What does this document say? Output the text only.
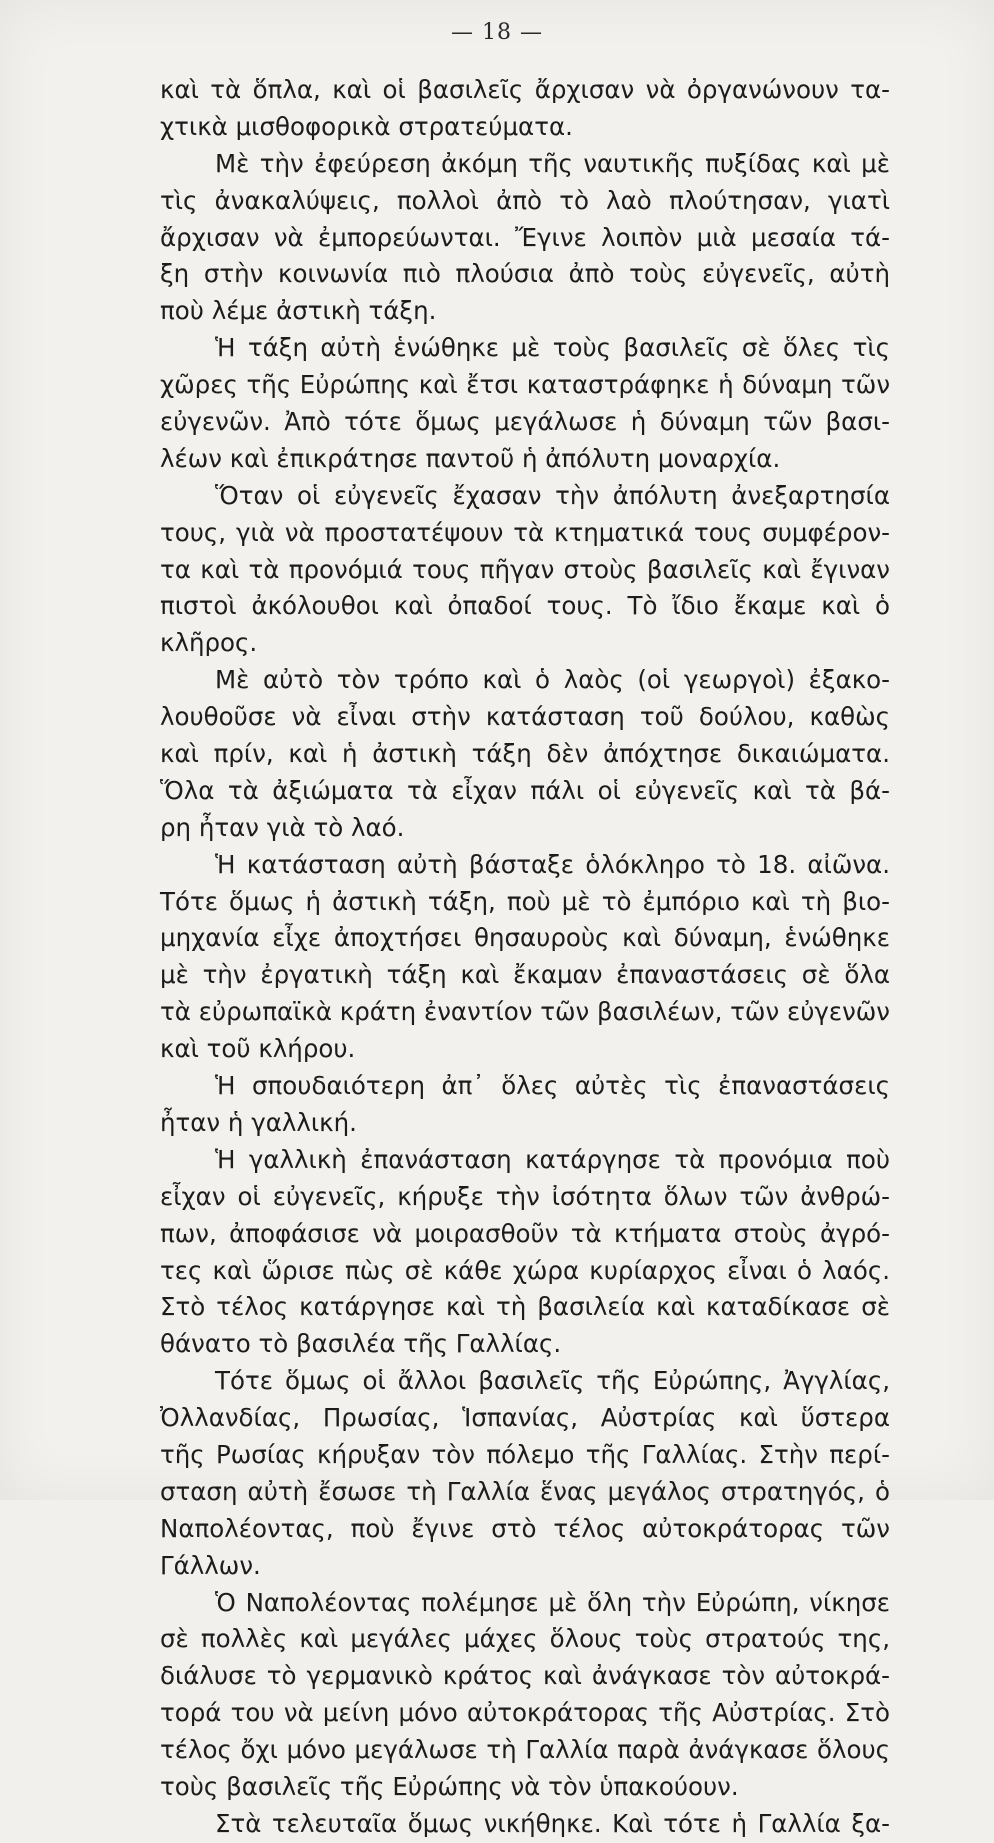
— 18 —
καὶ τὰ ὅπλα, καὶ οἱ βασιλεῖς ἄρχισαν νὰ ὀργανώνουν τα-
χτικὰ μισθοφορικὰ στρατεύματα.
Μὲ τὴν ἐφεύρεση ἀκόμη τῆς ναυτικῆς πυξίδας καὶ μὲ
τὶς ἀνακαλύψεις, πολλοὶ ἀπὸ τὸ λαὸ πλούτησαν, γιατὶ
ἄρχισαν νὰ ἐμπορεύωνται. Ἔγινε λοιπὸν μιὰ μεσαία τά-
ξη στὴν κοινωνία πιὸ πλούσια ἀπὸ τοὺς εὐγενεῖς, αὐτὴ
ποὺ λέμε ἀστικὴ τάξη.
Ἡ τάξη αὐτὴ ἑνώθηκε μὲ τοὺς βασιλεῖς σὲ ὅλες τὶς
χῶρες τῆς Εὐρώπης καὶ ἔτσι καταστράφηκε ἡ δύναμη τῶν
εὐγενῶν. Ἀπὸ τότε ὅμως μεγάλωσε ἡ δύναμη τῶν βασι-
λέων καὶ ἐπικράτησε παντοῦ ἡ ἀπόλυτη μοναρχία.
Ὅταν οἱ εὐγενεῖς ἔχασαν τὴν ἀπόλυτη ἀνεξαρτησία
τους, γιὰ νὰ προστατέψουν τὰ κτηματικά τους συμφέρον-
τα καὶ τὰ προνόμιά τους πῆγαν στοὺς βασιλεῖς καὶ ἔγιναν
πιστοὶ ἀκόλουθοι καὶ ὀπαδοί τους. Τὸ ἴδιο ἔκαμε καὶ ὁ
κλῆρος.
Μὲ αὐτὸ τὸν τρόπο καὶ ὁ λαὸς (οἱ γεωργοὶ) ἐξακο-
λουθοῦσε νὰ εἶναι στὴν κατάσταση τοῦ δούλου, καθὼς
καὶ πρίν, καὶ ἡ ἀστικὴ τάξη δὲν ἀπόχτησε δικαιώματα.
Ὅλα τὰ ἀξιώματα τὰ εἶχαν πάλι οἱ εὐγενεῖς καὶ τὰ βά-
ρη ἦταν γιὰ τὸ λαό.
Ἡ κατάσταση αὐτὴ βάσταξε ὁλόκληρο τὸ 18. αἰῶνα.
Τότε ὅμως ἡ ἀστικὴ τάξη, ποὺ μὲ τὸ ἐμπόριο καὶ τὴ βιο-
μηχανία εἶχε ἀποχτήσει θησαυροὺς καὶ δύναμη, ἑνώθηκε
μὲ τὴν ἐργατικὴ τάξη καὶ ἔκαμαν ἐπαναστάσεις σὲ ὅλα
τὰ εὐρωπαϊκὰ κράτη ἐναντίον τῶν βασιλέων, τῶν εὐγενῶν
καὶ τοῦ κλήρου.
Ἡ σπουδαιότερη ἀπ᾽ ὅλες αὐτὲς τὶς ἐπαναστάσεις
ἦταν ἡ γαλλική.
Ἡ γαλλικὴ ἐπανάσταση κατάργησε τὰ προνόμια ποὺ
εἶχαν οἱ εὐγενεῖς, κήρυξε τὴν ἰσότητα ὅλων τῶν ἀνθρώ-
πων, ἀποφάσισε νὰ μοιρασθοῦν τὰ κτήματα στοὺς ἀγρό-
τες καὶ ὥρισε πὼς σὲ κάθε χώρα κυρίαρχος εἶναι ὁ λαός.
Στὸ τέλος κατάργησε καὶ τὴ βασιλεία καὶ καταδίκασε σὲ
θάνατο τὸ βασιλέα τῆς Γαλλίας.
Τότε ὅμως οἱ ἄλλοι βασιλεῖς τῆς Εὐρώπης, Ἀγγλίας,
Ὀλλανδίας, Πρωσίας, Ἱσπανίας, Αὐστρίας καὶ ὕστερα
τῆς Ρωσίας κήρυξαν τὸν πόλεμο τῆς Γαλλίας. Στὴν περί-
σταση αὐτὴ ἔσωσε τὴ Γαλλία ἕνας μεγάλος στρατηγός, ὁ
Ναπολέοντας, ποὺ ἔγινε στὸ τέλος αὐτοκράτορας τῶν
Γάλλων.
Ὁ Ναπολέοντας πολέμησε μὲ ὅλη τὴν Εὐρώπη, νίκησε
σὲ πολλὲς καὶ μεγάλες μάχες ὅλους τοὺς στρατούς της,
διάλυσε τὸ γερμανικὸ κράτος καὶ ἀνάγκασε τὸν αὐτοκρά-
τορά του νὰ μείνη μόνο αὐτοκράτορας τῆς Αὐστρίας. Στὸ
τέλος ὄχι μόνο μεγάλωσε τὴ Γαλλία παρὰ ἀνάγκασε ὅλους
τοὺς βασιλεῖς τῆς Εὐρώπης νὰ τὸν ὑπακούουν.
Στὰ τελευταῖα ὅμως νικήθηκε. Καὶ τότε ἡ Γαλλία ξα-
